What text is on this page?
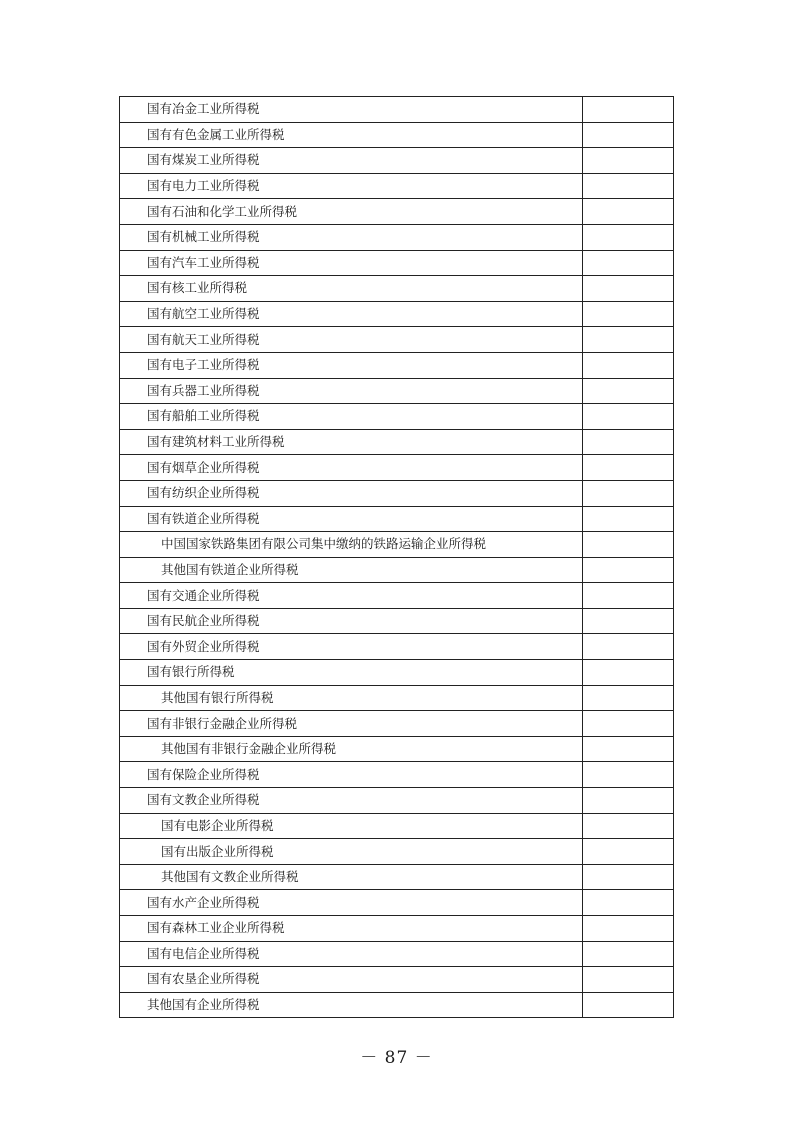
国有冶金工业所得税	
国有有色金属工业所得税	
国有煤炭工业所得税	
国有电力工业所得税	
国有石油和化学工业所得税	
国有机械工业所得税	
国有汽车工业所得税	
国有核工业所得税	
国有航空工业所得税	
国有航天工业所得税	
国有电子工业所得税	
国有兵器工业所得税	
国有船舶工业所得税	
国有建筑材料工业所得税	
国有烟草企业所得税	
国有纺织企业所得税	
国有铁道企业所得税	
中国国家铁路集团有限公司集中缴纳的铁路运输企业所得税	
其他国有铁道企业所得税	
国有交通企业所得税	
国有民航企业所得税	
国有外贸企业所得税	
国有银行所得税	
其他国有银行所得税	
国有非银行金融企业所得税	
其他国有非银行金融企业所得税	
国有保险企业所得税	
国有文教企业所得税	
国有电影企业所得税	
国有出版企业所得税	
其他国有文教企业所得税	
国有水产企业所得税	
国有森林工业企业所得税	
国有电信企业所得税	
国有农垦企业所得税	
其他国有企业所得税	
－ 87 －
